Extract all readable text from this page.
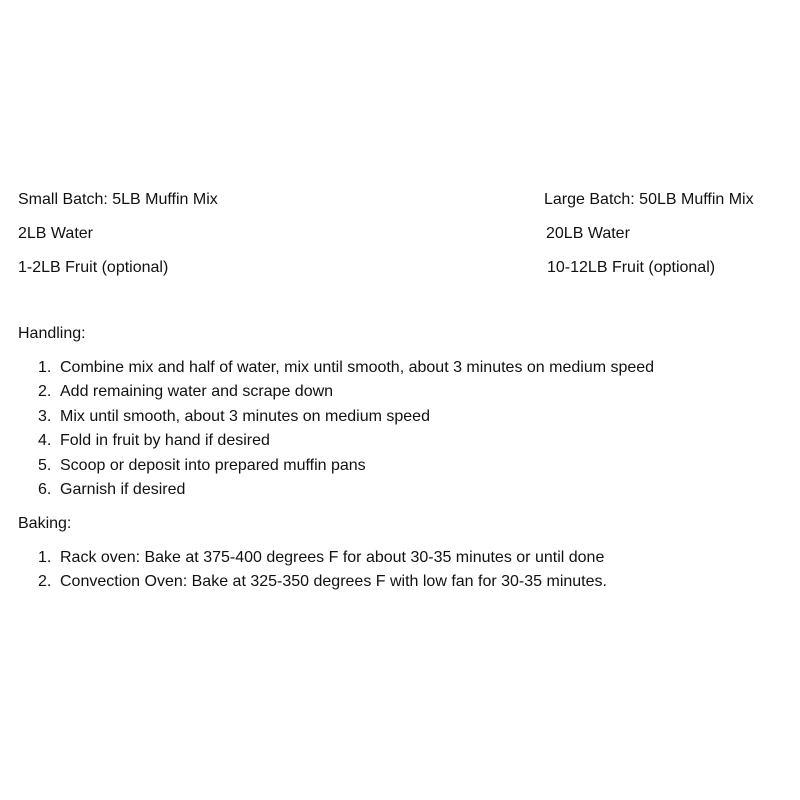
Small Batch: 5LB Muffin Mix
2LB Water
1-2LB Fruit (optional)
Large Batch: 50LB Muffin Mix
20LB Water
10-12LB Fruit (optional)
Handling:
1. Combine mix and half of water, mix until smooth, about 3 minutes on medium speed
2. Add remaining water and scrape down
3. Mix until smooth, about 3 minutes on medium speed
4. Fold in fruit by hand if desired
5. Scoop or deposit into prepared muffin pans
6. Garnish if desired
Baking:
1. Rack oven: Bake at 375-400 degrees F for about 30-35 minutes or until done
2. Convection Oven: Bake at 325-350 degrees F with low fan for 30-35 minutes.
